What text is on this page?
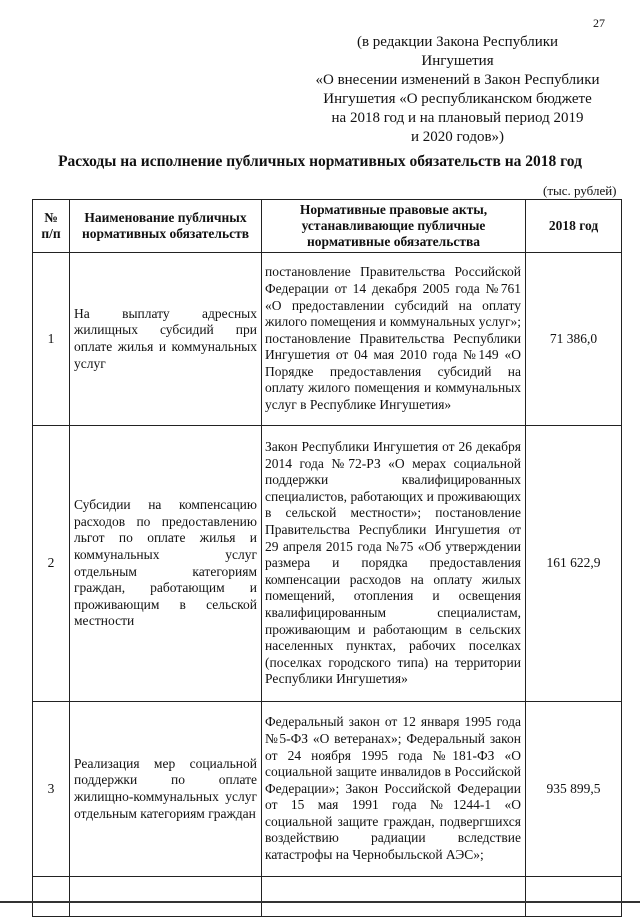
27
(в редакции Закона Республики
Ингушетия
«О внесении изменений в Закон Республики
Ингушетия «О республиканском бюджете
на 2018 год и на плановый период 2019
и 2020 годов»)
Расходы на исполнение публичных нормативных обязательств на 2018 год
(тыс. рублей)
№ п/п	Наименование публичных нормативных обязательств	Нормативные правовые акты, устанавливающие публичные нормативные обязательства	2018 год
1	На выплату адресных жилищных субсидий при оплате жилья и коммунальных услуг	постановление Правительства Российской Федерации от 14 декабря 2005 года №761 «О предоставлении субсидий на оплату жилого помещения и коммунальных услуг»; постановление Правительства Республики Ингушетия от 04 мая 2010 года №149 «О Порядке предоставления субсидий на оплату жилого помещения и коммунальных услуг в Республике Ингушетия»	71 386,0
2	Субсидии на компенсацию расходов по предоставлению льгот по оплате жилья и коммунальных услуг отдельным категориям граждан, работающим и проживающим в сельской местности	Закон Республики Ингушетия от 26 декабря 2014 года №72-РЗ «О мерах социальной поддержки квалифицированных специалистов, работающих и проживающих в сельской местности»; постановление Правительства Республики Ингушетия от 29 апреля 2015 года №75 «Об утверждении размера и порядка предоставления компенсации расходов на оплату жилых помещений, отопления и освещения квалифицированным специалистам, проживающим и работающим в сельских населенных пунктах, рабочих поселках (поселках городского типа) на территории Республики Ингушетия»	161 622,9
3	Реализация мер социальной поддержки по оплате жилищно-коммунальных услуг отдельным категориям граждан	Федеральный закон от 12 января 1995 года №5-ФЗ «О ветеранах»; Федеральный закон от 24 ноября 1995 года №181-ФЗ «О социальной защите инвалидов в Российской Федерации»; Закон Российской Федерации от 15 мая 1991 года №1244-1 «О социальной защите граждан, подвергшихся воздействию радиации вследствие катастрофы на Чернобыльской АЭС»;	935 899,5
